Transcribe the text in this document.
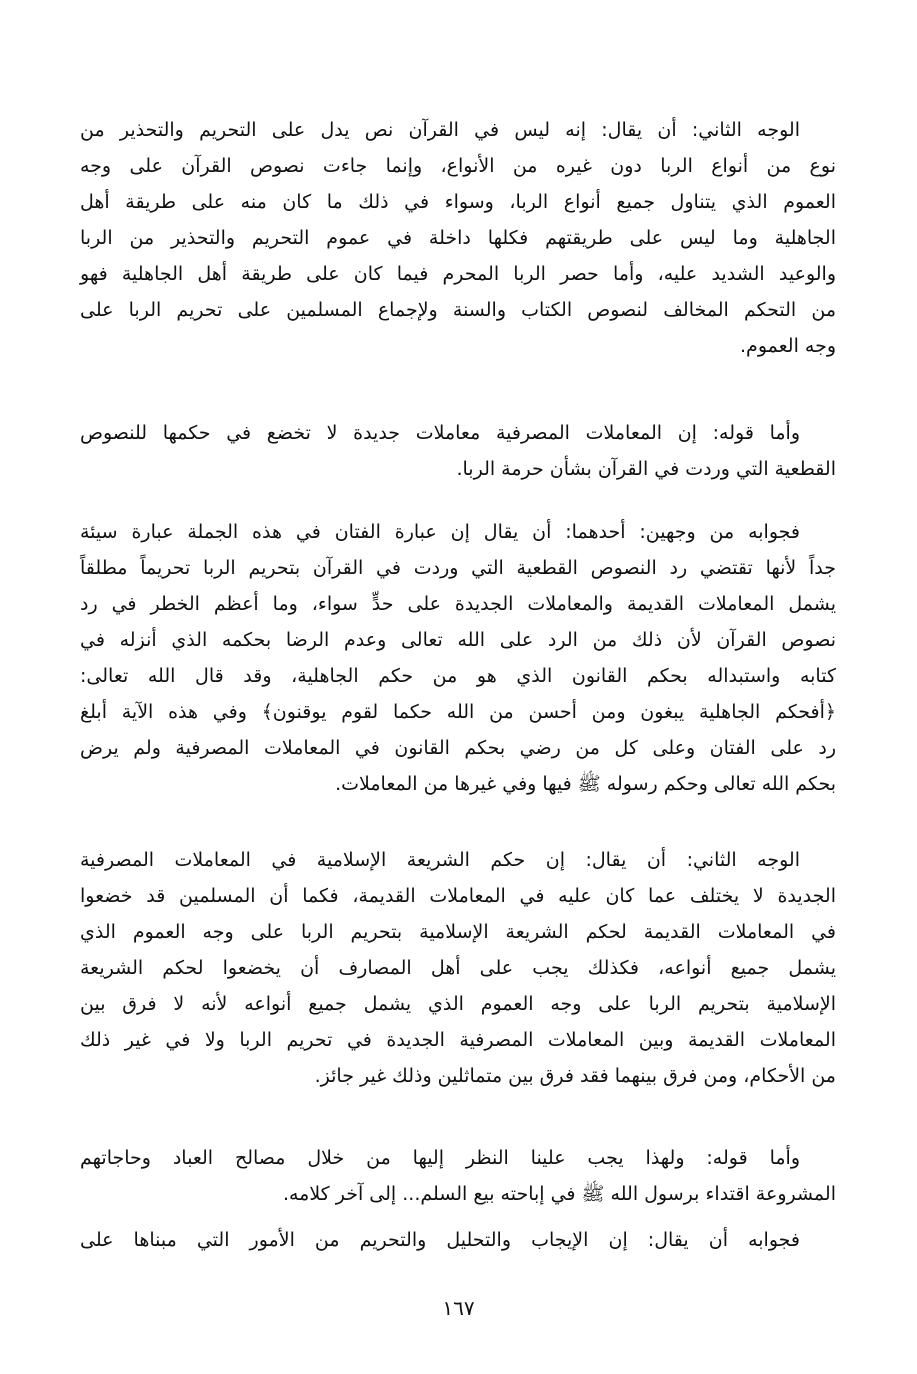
الوجه الثاني: أن يقال: إنه ليس في القرآن نص يدل على التحريم والتحذير من
نوع من أنواع الربا دون غيره من الأنواع، وإنما جاءت نصوص القرآن على وجه
العموم الذي يتناول جميع أنواع الربا، وسواء في ذلك ما كان منه على طريقة أهل
الجاهلية وما ليس على طريقتهم فكلها داخلة في عموم التحريم والتحذير من الربا
والوعيد الشديد عليه، وأما حصر الربا المحرم فيما كان على طريقة أهل الجاهلية فهو
من التحكم المخالف لنصوص الكتاب والسنة ولإجماع المسلمين على تحريم الربا على
وجه العموم.
وأما قوله: إن المعاملات المصرفية معاملات جديدة لا تخضع في حكمها للنصوص
القطعية التي وردت في القرآن بشأن حرمة الربا.
فجوابه من وجهين: أحدهما: أن يقال إن عبارة الفتان في هذه الجملة عبارة سيئة
جداً لأنها تقتضي رد النصوص القطعية التي وردت في القرآن بتحريم الربا تحريماً مطلقاً
يشمل المعاملات القديمة والمعاملات الجديدة على حدٍّ سواء، وما أعظم الخطر في رد
نصوص القرآن لأن ذلك من الرد على الله تعالى وعدم الرضا بحكمه الذي أنزله في
كتابه واستبداله بحكم القانون الذي هو من حكم الجاهلية، وقد قال الله تعالى:
﴿أفحكم الجاهلية يبغون ومن أحسن من الله حكما لقوم يوقنون﴾ وفي هذه الآية أبلغ
رد على الفتان وعلى كل من رضي بحكم القانون في المعاملات المصرفية ولم يرض
بحكم الله تعالى وحكم رسوله ﷺ فيها وفي غيرها من المعاملات.
الوجه الثاني: أن يقال: إن حكم الشريعة الإسلامية في المعاملات المصرفية
الجديدة لا يختلف عما كان عليه في المعاملات القديمة، فكما أن المسلمين قد خضعوا
في المعاملات القديمة لحكم الشريعة الإسلامية بتحريم الربا على وجه العموم الذي
يشمل جميع أنواعه، فكذلك يجب على أهل المصارف أن يخضعوا لحكم الشريعة
الإسلامية بتحريم الربا على وجه العموم الذي يشمل جميع أنواعه لأنه لا فرق بين
المعاملات القديمة وبين المعاملات المصرفية الجديدة في تحريم الربا ولا في غير ذلك
من الأحكام، ومن فرق بينهما فقد فرق بين متماثلين وذلك غير جائز.
وأما قوله: ولهذا يجب علينا النظر إليها من خلال مصالح العباد وحاجاتهم
المشروعة اقتداء برسول الله ﷺ في إباحته بيع السلم... إلى آخر كلامه.
فجوابه أن يقال: إن الإيجاب والتحليل والتحريم من الأمور التي مبناها على
١٦٧
